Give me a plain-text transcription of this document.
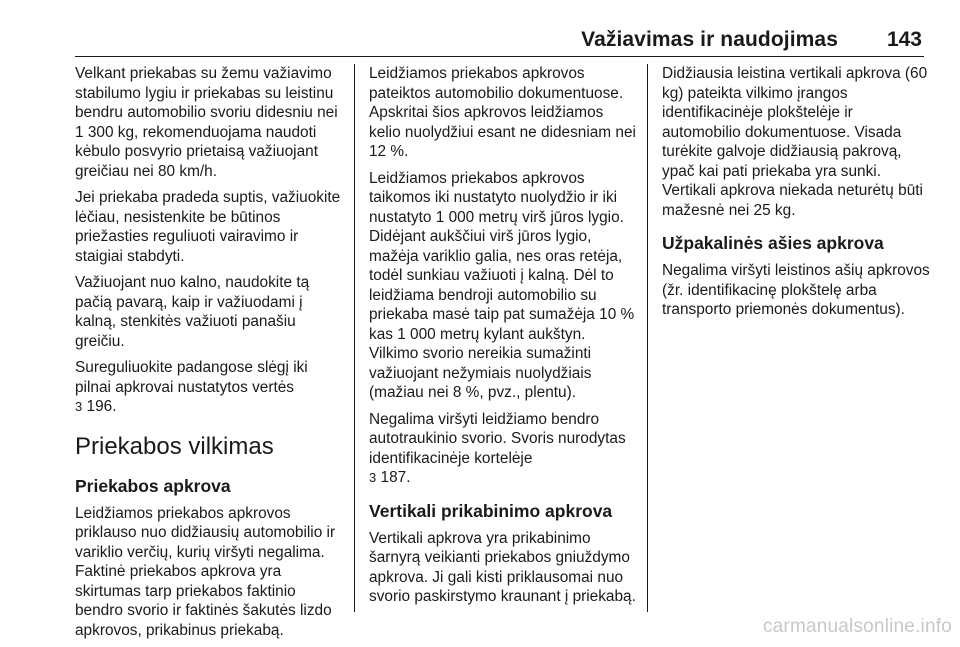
Važiavimas ir naudojimas 143

Velkant priekabas su žemu važiavimo stabilumo lygiu ir priekabas su leistinu bendru automobilio svoriu didesniu nei 1 300 kg, rekomenduojama naudoti kėbulo posvyrio prietaisą važiuojant greičiau nei 80 km/h.

Jei priekaba pradeda suptis, važiuokite lėčiau, nesistenkite be būtinos priežasties reguliuoti vairavimo ir staigiai stabdyti.

Važiuojant nuo kalno, naudokite tą pačią pavarą, kaip ir važiuodami į kalną, stenkitės važiuoti panašiu greičiu.

Sureguliuokite padangose slėgį iki pilnai apkrovai nustatytos vertės
3 196.

Priekabos vilkimas
Priekabos apkrova

Leidžiamos priekabos apkrovos priklauso nuo didžiausių automobilio ir variklio verčių, kurių viršyti negalima. Faktinė priekabos apkrova yra skirtumas tarp priekabos faktinio bendro svorio ir faktinės šakutės lizdo apkrovos, prikabinus priekabą.

Leidžiamos priekabos apkrovos pateiktos automobilio dokumentuose. Apskritai šios apkrovos leidžiamos kelio nuolydžiui esant ne didesniam nei 12 %.

Leidžiamos priekabos apkrovos taikomos iki nustatyto nuolydžio ir iki nustatyto 1 000 metrų virš jūros lygio. Didėjant aukščiui virš jūros lygio, mažėja variklio galia, nes oras retėja, todėl sunkiau važiuoti į kalną. Dėl to leidžiama bendroji automobilio su priekaba masė taip pat sumažėja 10 % kas 1 000 metrų kylant aukštyn. Vilkimo svorio nereikia sumažinti važiuojant nežymiais nuolydžiais (mažiau nei 8 %, pvz., plentu).

Negalima viršyti leidžiamo bendro autotraukinio svorio. Svoris nurodytas identifikacinėje kortelėje
3 187.

Vertikali prikabinimo apkrova

Vertikali apkrova yra prikabinimo šarnyrą veikianti priekabos gniuždymo apkrova. Ji gali kisti priklausomai nuo svorio paskirstymo kraunant į priekabą.

Didžiausia leistina vertikali apkrova (60 kg) pateikta vilkimo įrangos identifikacinėje plokštelėje ir automobilio dokumentuose. Visada turėkite galvoje didžiausią pakrovą, ypač kai pati priekaba yra sunki. Vertikali apkrova niekada neturėtų būti mažesnė nei 25 kg.

Užpakalinės ašies apkrova

Negalima viršyti leistinos ašių apkrovos (žr. identifikacinę plokštelę arba transporto priemonės dokumentus).

carmanualsonline.info
